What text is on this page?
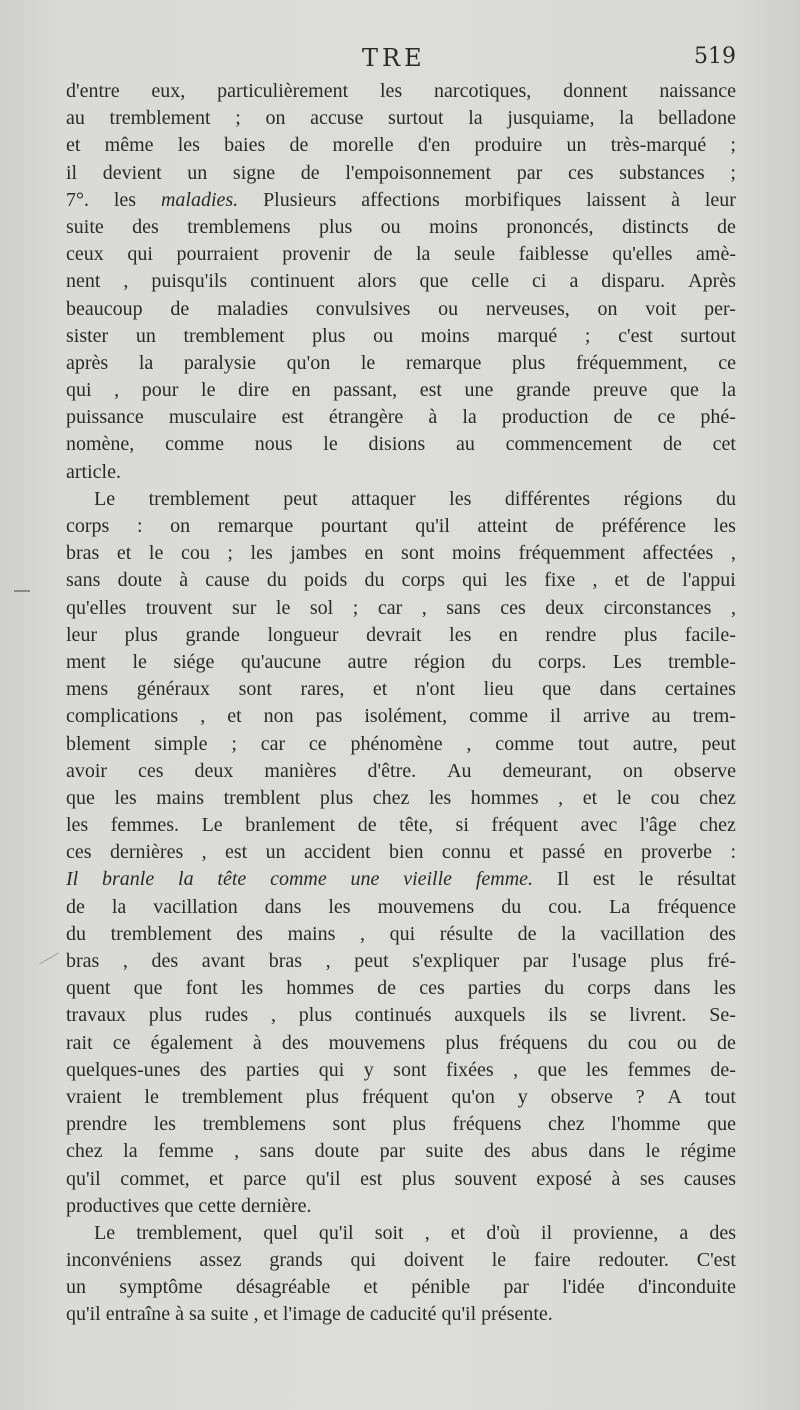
TRE	519
d'entre eux, particulièrement les narcotiques, donnent naissance
au tremblement ; on accuse surtout la jusquiame, la belladone
et même les baies de morelle d'en produire un très-marqué ;
il devient un signe de l'empoisonnement par ces substances ;
7°. les maladies. Plusieurs affections morbifiques laissent à leur
suite des tremblemens plus ou moins prononcés, distincts de
ceux qui pourraient provenir de la seule faiblesse qu'elles amè-
nent , puisqu'ils continuent alors que celle ci a disparu. Après
beaucoup de maladies convulsives ou nerveuses, on voit per-
sister un tremblement plus ou moins marqué ; c'est surtout
après la paralysie qu'on le remarque plus fréquemment, ce
qui , pour le dire en passant, est une grande preuve que la
puissance musculaire est étrangère à la production de ce phé-
nomène, comme nous le disions au commencement de cet
article.
Le tremblement peut attaquer les différentes régions du
corps : on remarque pourtant qu'il atteint de préférence les
bras et le cou ; les jambes en sont moins fréquemment affectées ,
sans doute à cause du poids du corps qui les fixe , et de l'appui
qu'elles trouvent sur le sol ; car , sans ces deux circonstances ,
leur plus grande longueur devrait les en rendre plus facile-
ment le siége qu'aucune autre région du corps. Les tremble-
mens généraux sont rares, et n'ont lieu que dans certaines
complications , et non pas isolément, comme il arrive au trem-
blement simple ; car ce phénomène , comme tout autre, peut
avoir ces deux manières d'être. Au demeurant, on observe
que les mains tremblent plus chez les hommes , et le cou chez
les femmes. Le branlement de tête, si fréquent avec l'âge chez
ces dernières , est un accident bien connu et passé en proverbe :
Il branle la tête comme une vieille femme. Il est le résultat
de la vacillation dans les mouvemens du cou. La fréquence
du tremblement des mains , qui résulte de la vacillation des
bras , des avant bras , peut s'expliquer par l'usage plus fré-
quent que font les hommes de ces parties du corps dans les
travaux plus rudes , plus continués auxquels ils se livrent. Se-
rait ce également à des mouvemens plus fréquens du cou ou de
quelques-unes des parties qui y sont fixées , que les femmes de-
vraient le tremblement plus fréquent qu'on y observe ? A tout
prendre les tremblemens sont plus fréquens chez l'homme que
chez la femme , sans doute par suite des abus dans le régime
qu'il commet, et parce qu'il est plus souvent exposé à ses causes
productives
que
cette
dernière.
Le tremblement, quel qu'il soit , et d'où il provienne, a des
inconvéniens assez grands qui doivent le faire redouter. C'est
un symptôme désagréable et pénible par l'idée d'inconduite
qu'il
entraîne
à
sa
suite
,
et
l'image
de
caducité
qu'il
présente.
